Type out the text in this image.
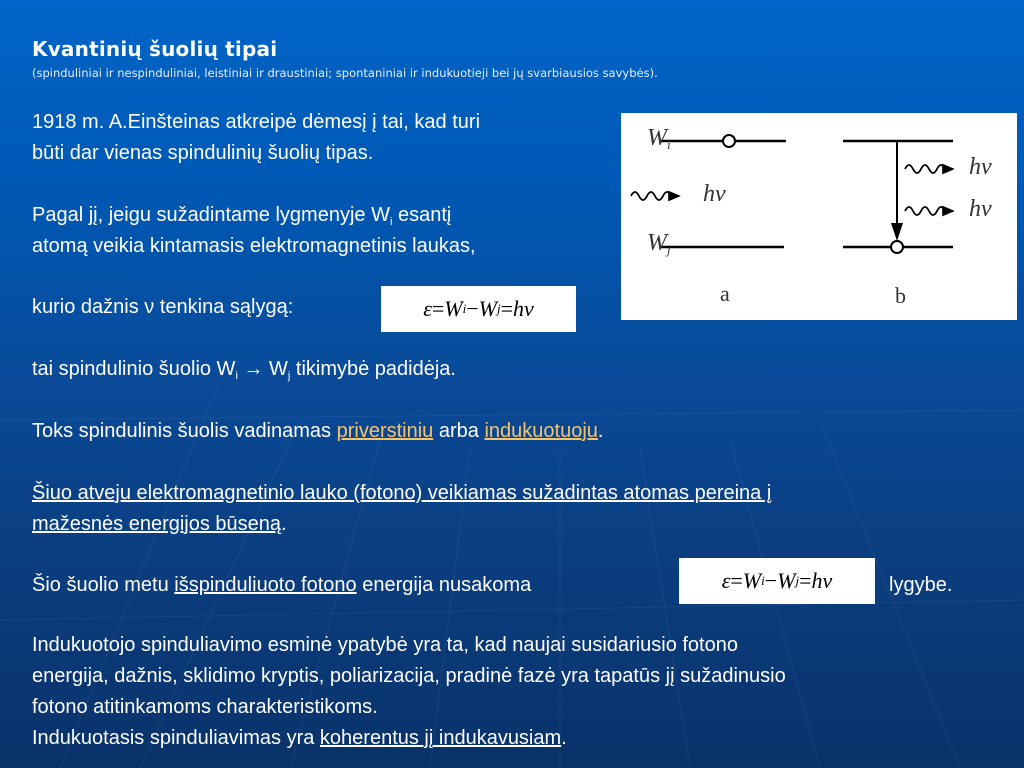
Kvantinių šuolių tipai
(spinduliniai ir nespinduliniai, leistiniai ir draustiniai; spontaniniai ir indukuotieji bei jų svarbiausios savybės).
1918 m. A.Einšteinas atkreipė dėmesį į tai, kad turi
būti dar vienas spindulinių šuolių tipas.
Pagal jį, jeigu sužadintame lygmenyje $W_i$ esantį
atomą veikia kintamasis elektromagnetinis laukas,
kurio dažnis ν tenkina sąlygą:	ε = W i − W j = hν
tai spindulinio šuolio $W_i \to W_j$ tikimybė padidėja.
Toks spindulinis šuolis vadinamas priverstiniu arba indukuotuoju.
Šiuo atveju elektromagnetinio lauko (fotono) veikiamas sužadintas atomas pereina į
mažesnės energijos būseną.
Šio šuolio metu išspinduliuoto fotono energija nusakoma	ε = W i − W j = hν	lygybe.
Indukuotojo spinduliavimo esminė ypatybė yra ta, kad naujai susidariusio fotono
energija, dažnis, sklidimo kryptis, poliarizacija, pradinė fazė yra tapatūs jį sužadinusio
fotono atitinkamoms charakteristikoms.
Indukuotasis spinduliavimas yra koherentus jį indukavusiam.
$W_i$
$W_j$
hν
hν
hν
a	b
